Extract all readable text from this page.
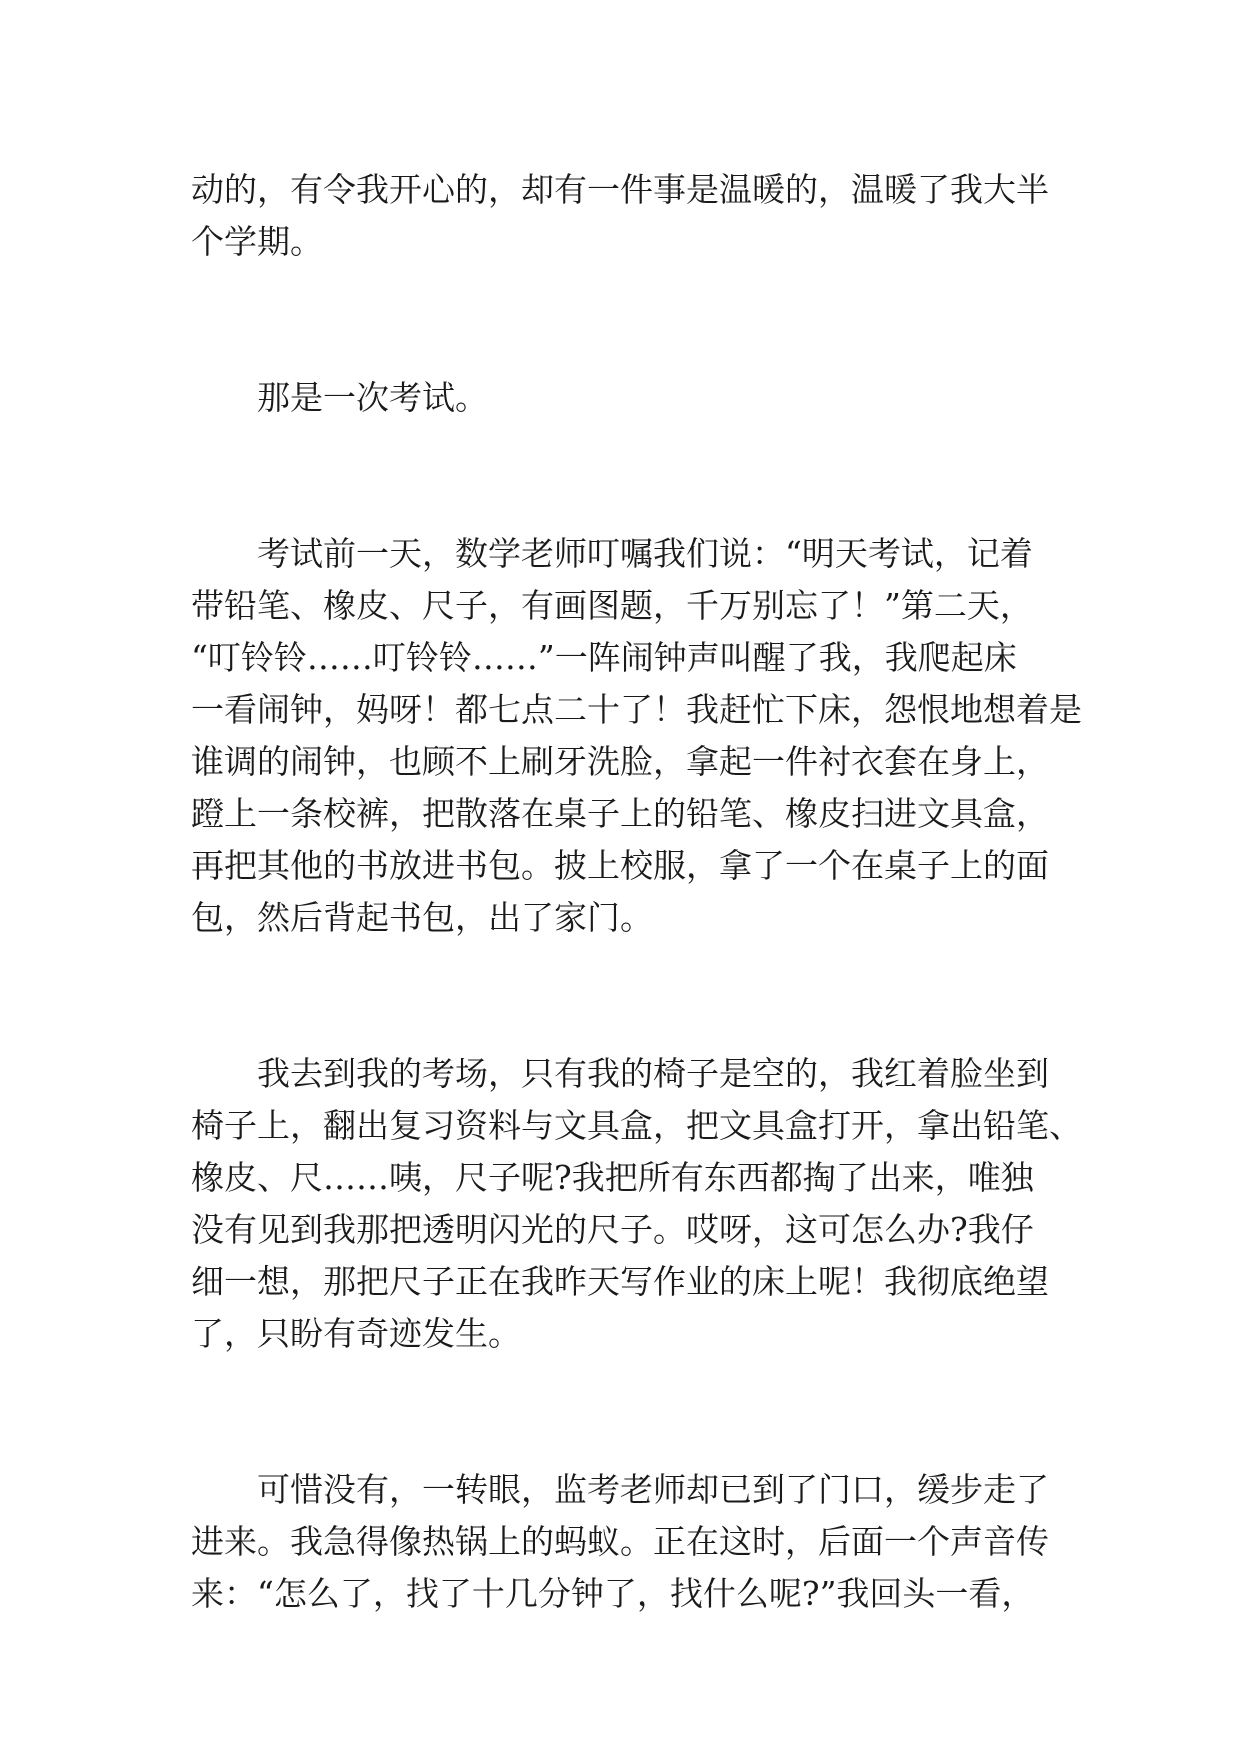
动的，有令我开心的，却有一件事是温暖的，温暖了我大半
个学期。
那是一次考试。
考试前一天，数学老师叮嘱我们说：“明天考试，记着
带铅笔、橡皮、尺子，有画图题，千万别忘了！”第二天，
“叮铃铃……叮铃铃……”一阵闹钟声叫醒了我，我爬起床
一看闹钟，妈呀！都七点二十了！我赶忙下床，怨恨地想着是
谁调的闹钟，也顾不上刷牙洗脸，拿起一件衬衣套在身上，
蹬上一条校裤，把散落在桌子上的铅笔、橡皮扫进文具盒，
再把其他的书放进书包。披上校服，拿了一个在桌子上的面
包，然后背起书包，出了家门。
我去到我的考场，只有我的椅子是空的，我红着脸坐到
椅子上，翻出复习资料与文具盒，把文具盒打开，拿出铅笔、
橡皮、尺……咦，尺子呢?我把所有东西都掏了出来，唯独
没有见到我那把透明闪光的尺子。哎呀，这可怎么办?我仔
细一想，那把尺子正在我昨天写作业的床上呢！我彻底绝望
了，只盼有奇迹发生。
可惜没有，一转眼，监考老师却已到了门口，缓步走了
进来。我急得像热锅上的蚂蚁。正在这时，后面一个声音传
来：“怎么了，找了十几分钟了，找什么呢?”我回头一看，
